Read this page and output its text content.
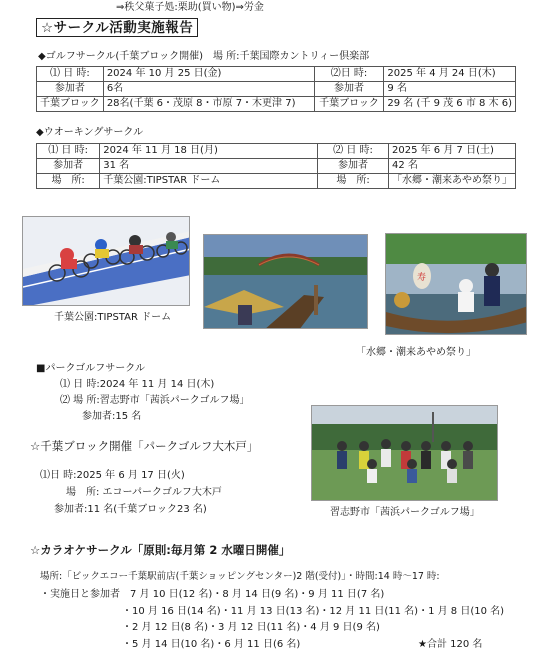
⇒秩父菓子処:栗助(買い物)⇒労金
☆サークル活動実施報告
◆ゴルフサークル(千葉ブロック開催)　場 所:千葉国際カントリィー倶楽部
⑴ 日 時:	2024 年 10 月 25 日(金)	⑵日 時:	2025 年 4 月 24 日(木)
参加者	6名	参加者	9 名
千葉ブロック	28名(千葉 6・茂原 8・市原 7・木更津 7)	千葉ブロック	29 名 (千 9 茂 6 市 8 木 6)
◆ウオーキングサークル
⑴ 日 時:	2024 年 11 月 18 日(月)	⑵ 日 時:	2025 年 6 月 7 日(土)
参加者	31 名	参加者	42 名
場　所:	千葉公園:TIPSTAR ドーム	場　所:	「水郷・潮来あやめ祭り」
千葉公園:TIPSTAR ドーム
寿
「水郷・潮来あやめ祭り」
■パークゴルフサークル
⑴ 日 時:2024 年 11 月 14 日(木)
⑵ 場 所:習志野市「茜浜パークゴルフ場」
参加者:15 名
☆千葉ブロック開催「パークゴルフ大木戸」
⑴日 時:2025 年 6 月 17 日(火)
場　所: エコーパークゴルフ大木戸
参加者:11 名(千葉ブロック23 名)	習志野市「茜浜パークゴルフ場」
☆カラオケサークル「原則:毎月第 2 水曜日開催」
場所:「ビックエコー千葉駅前店(千葉ショッピングセンター)2 階(受付)」・時間:14 時〜17 時:
・実施日と参加者　7 月 10 日(12 名)・8 月 14 日(9 名)・9 月 11 日(7 名)
・10 月 16 日(14 名)・11 月 13 日(13 名)・12 月 11 日(11 名)・1 月 8 日(10 名)
・2 月 12 日(8 名)・3 月 12 日(11 名)・4 月 9 日(9 名)
・5 月 14 日(10 名)・6 月 11 日(6 名)	★合計 120 名
